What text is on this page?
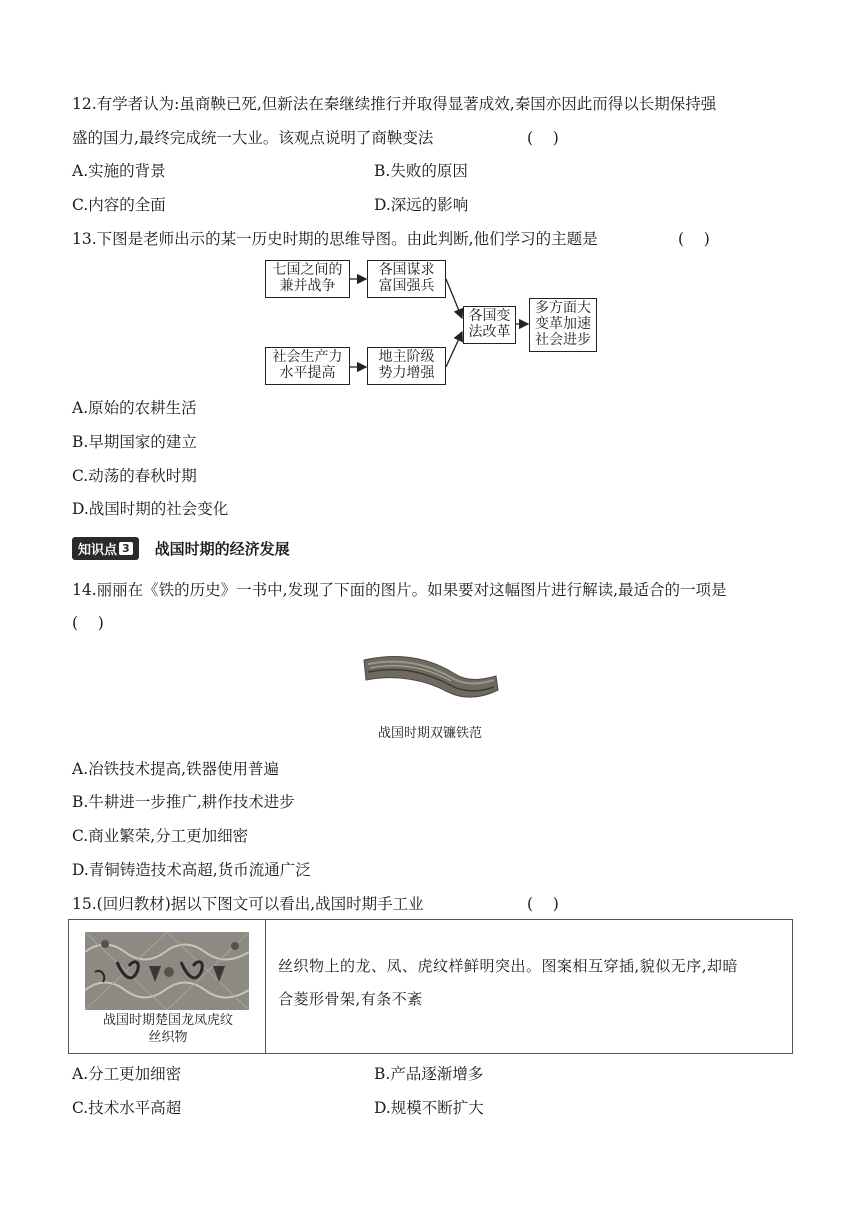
12.有学者认为:虽商鞅已死,但新法在秦继续推行并取得显著成效,秦国亦因此而得以长期保持强
盛的国力,最终完成统一大业。该观点说明了商鞅变法	(    )
A.实施的背景	B.失败的原因
C.内容的全面	D.深远的影响
13.下图是老师出示的某一历史时期的思维导图。由此判断,他们学习的主题是	(    )
七国之间的
兼并战争
各国谋求
富国强兵
社会生产力
水平提高
地主阶级
势力增强
各国变
法改革
多方面大
变革加速
社会进步
A.原始的农耕生活
B.早期国家的建立
C.动荡的春秋时期
D.战国时期的社会变化
知识点 3 战国时期的经济发展
14.丽丽在《铁的历史》一书中,发现了下面的图片。如果要对这幅图片进行解读,最适合的一项是
(    )
战国时期双镰铁范
A.冶铁技术提高,铁器使用普遍
B.牛耕进一步推广,耕作技术进步
C.商业繁荣,分工更加细密
D.青铜铸造技术高超,货币流通广泛
15.(回归教材)据以下图文可以看出,战国时期手工业	(    )
战国时期楚国龙凤虎纹
丝织物
丝织物上的龙、凤、虎纹样鲜明突出。图案相互穿插,貌似无序,却暗
合菱形骨架,有条不紊
A.分工更加细密	B.产品逐渐增多
C.技术水平高超	D.规模不断扩大
